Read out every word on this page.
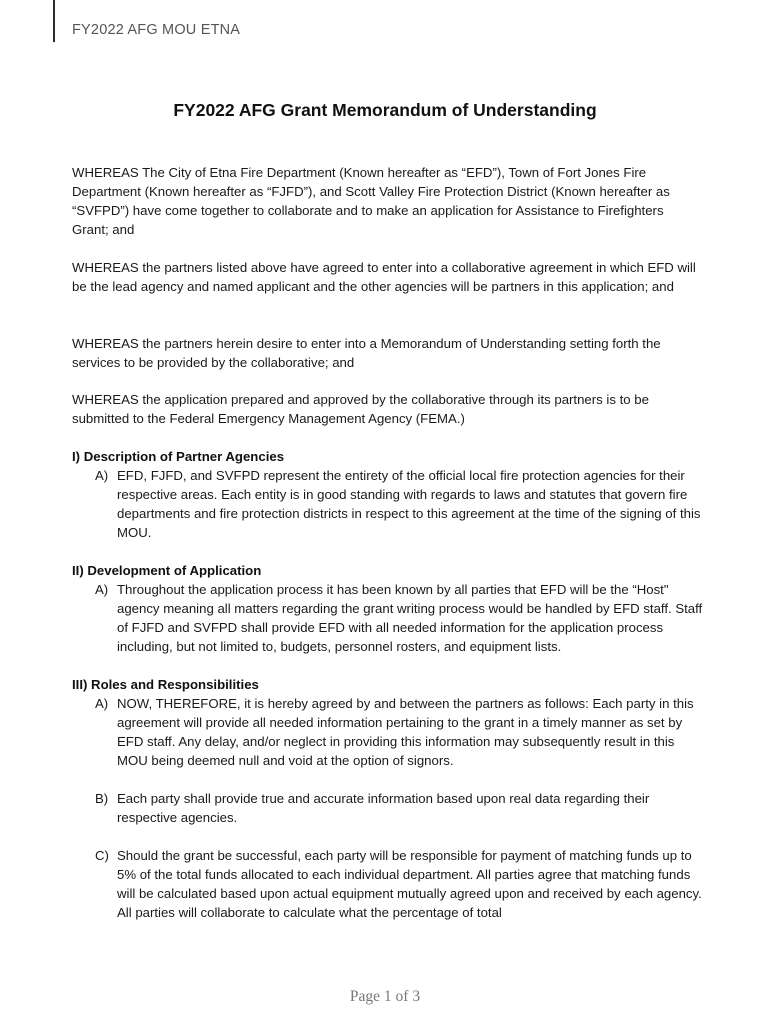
FY2022 AFG MOU ETNA
FY2022 AFG Grant Memorandum of Understanding

WHEREAS The City of Etna Fire Department (Known hereafter as “EFD”), Town of Fort Jones Fire Department (Known hereafter as “FJFD”), and Scott Valley Fire Protection District (Known hereafter as “SVFPD”) have come together to collaborate and to make an application for Assistance to Firefighters Grant; and

WHEREAS the partners listed above have agreed to enter into a collaborative agreement in which EFD will be the lead agency and named applicant and the other agencies will be partners in this application; and

WHEREAS the partners herein desire to enter into a Memorandum of Understanding setting forth the services to be provided by the collaborative; and

WHEREAS the application prepared and approved by the collaborative through its partners is to be submitted to the Federal Emergency Management Agency (FEMA.)

I) Description of Partner Agencies
A) EFD, FJFD, and SVFPD represent the entirety of the official local fire protection agencies for their respective areas. Each entity is in good standing with regards to laws and statutes that govern fire departments and fire protection districts in respect to this agreement at the time of the signing of this MOU.
II) Development of Application
A) Throughout the application process it has been known by all parties that EFD will be the “Host" agency meaning all matters regarding the grant writing process would be handled by EFD staff. Staff of FJFD and SVFPD shall provide EFD with all needed information for the application process including, but not limited to, budgets, personnel rosters, and equipment lists.
III) Roles and Responsibilities
A) NOW, THEREFORE, it is hereby agreed by and between the partners as follows: Each party in this agreement will provide all needed information pertaining to the grant in a timely manner as set by EFD staff. Any delay, and/or neglect in providing this information may subsequently result in this MOU being deemed null and void at the option of signors.
B) Each party shall provide true and accurate information based upon real data regarding their respective agencies.
C) Should the grant be successful, each party will be responsible for payment of matching funds up to 5% of the total funds allocated to each individual department. All parties agree that matching funds will be calculated based upon actual equipment mutually agreed upon and received by each agency. All parties will collaborate to calculate what the percentage of total
Page 1 of 3
